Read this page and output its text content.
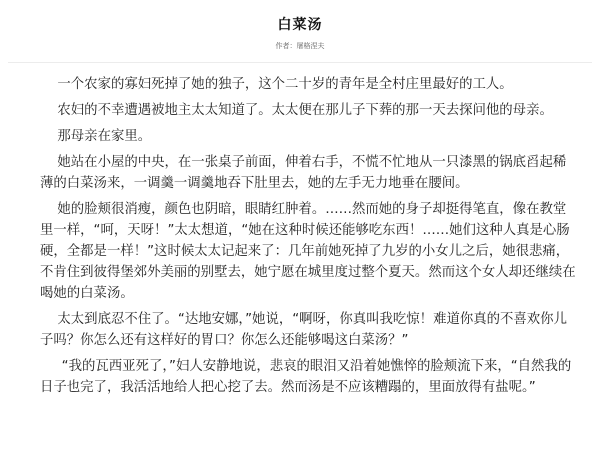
白菜汤
作者：屠格涅夫

一个农家的寡妇死掉了她的独子，这个二十岁的青年是全村庄里最好的工人。

农妇的不幸遭遇被地主太太知道了。太太便在那儿子下葬的那一天去探问他的母亲。

那母亲在家里。

她站在小屋的中央，在一张桌子前面，伸着右手，不慌不忙地从一只漆黑的锅底舀起稀薄的白菜汤来，一调羹一调羹地吞下肚里去，她的左手无力地垂在腰间。

她的脸颊很消瘦，颜色也阴暗，眼睛红肿着。……然而她的身子却挺得笔直，像在教堂里一样，“呵，天呀！”太太想道，“她在这种时候还能够吃东西！……她们这种人真是心肠硬，全都是一样！”这时候太太记起来了：几年前她死掉了九岁的小女儿之后，她很悲痛，不肯住到彼得堡郊外美丽的别墅去，她宁愿在城里度过整个夏天。然而这个女人却还继续在喝她的白菜汤。

太太到底忍不住了。“达地安娜，”她说，“啊呀，你真叫我吃惊！难道你真的不喜欢你儿子吗？你怎么还有这样好的胃口？你怎么还能够喝这白菜汤？”

“我的瓦西亚死了，”妇人安静地说，悲哀的眼泪又沿着她憔悴的脸颊流下来，“自然我的日子也完了，我活活地给人把心挖了去。然而汤是不应该糟蹋的，里面放得有盐呢。”
